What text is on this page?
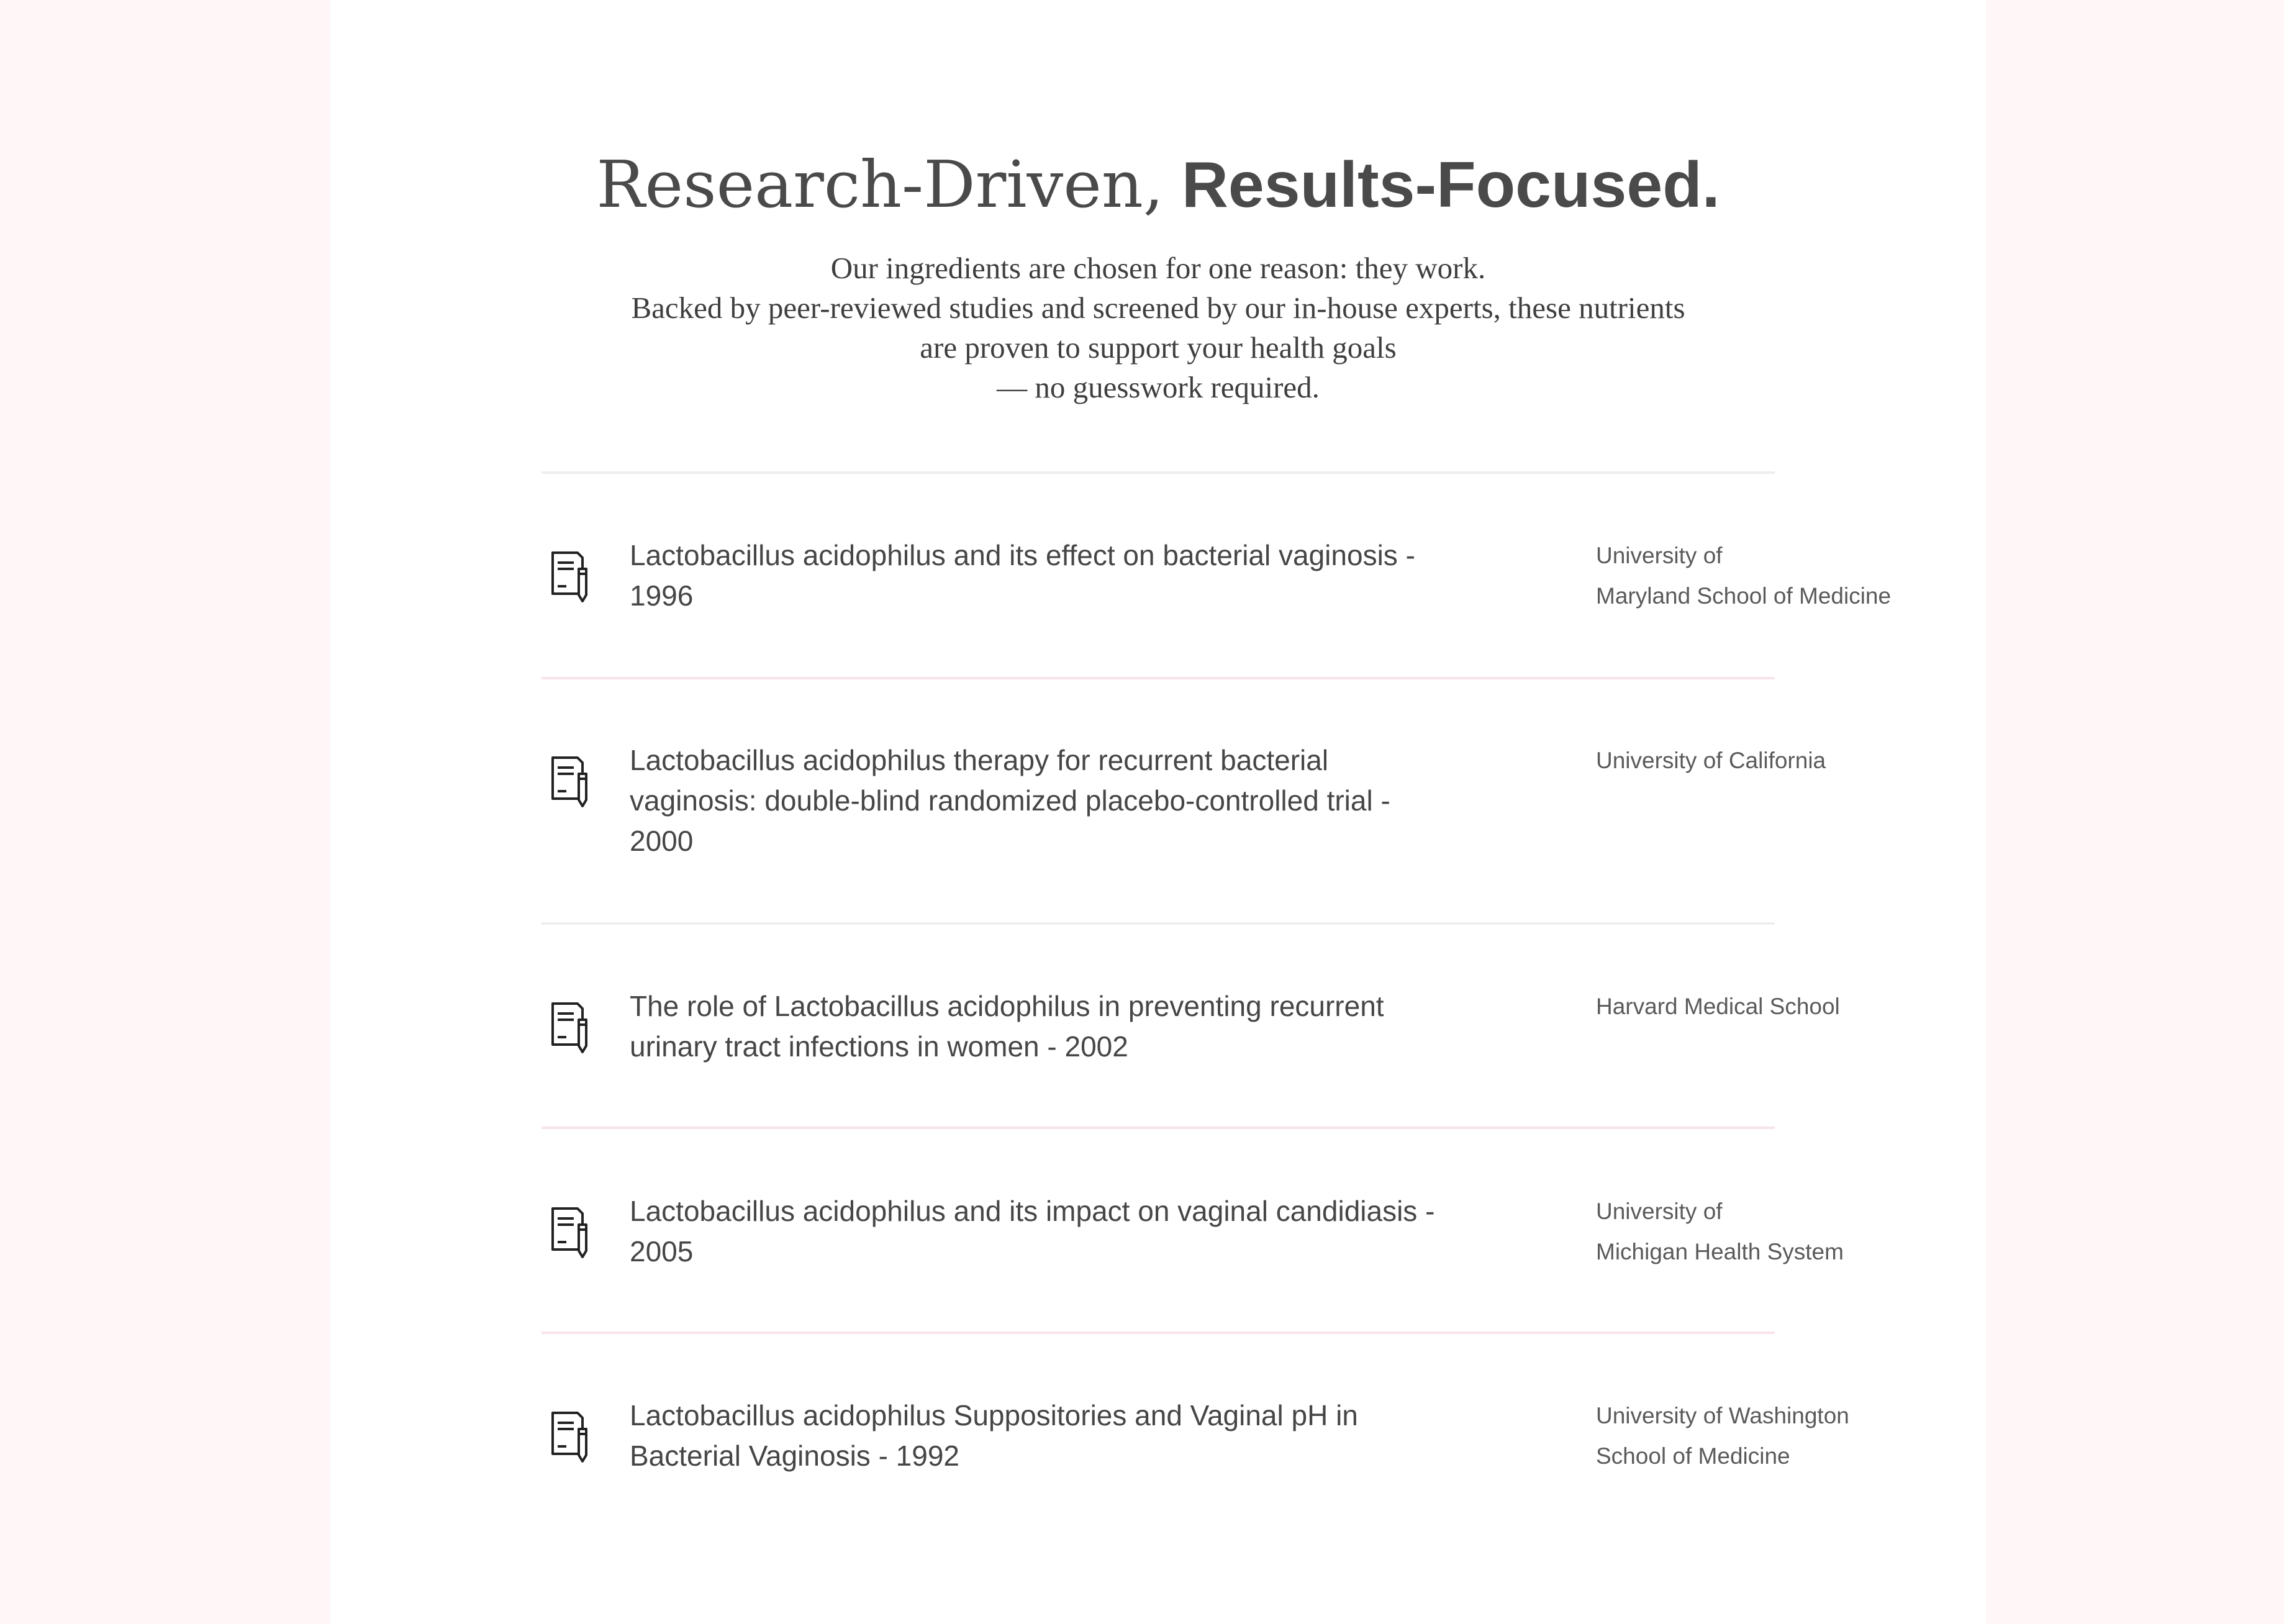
Research-Driven, Results-Focused.
Our ingredients are chosen for one reason: they work.
Backed by peer-reviewed studies and screened by our in-house experts, these nutrients
are proven to support your health goals
— no guesswork required.
Lactobacillus acidophilus and its effect on bacterial vaginosis - 1996
University of
Maryland School of Medicine
Lactobacillus acidophilus therapy for recurrent bacterial vaginosis: double-blind randomized placebo-controlled trial - 2000
University of California
The role of Lactobacillus acidophilus in preventing recurrent urinary tract infections in women - 2002
Harvard Medical School
Lactobacillus acidophilus and its impact on vaginal candidiasis - 2005
University of
Michigan Health System
Lactobacillus acidophilus Suppositories and Vaginal pH in Bacterial Vaginosis - 1992
University of Washington
School of Medicine
